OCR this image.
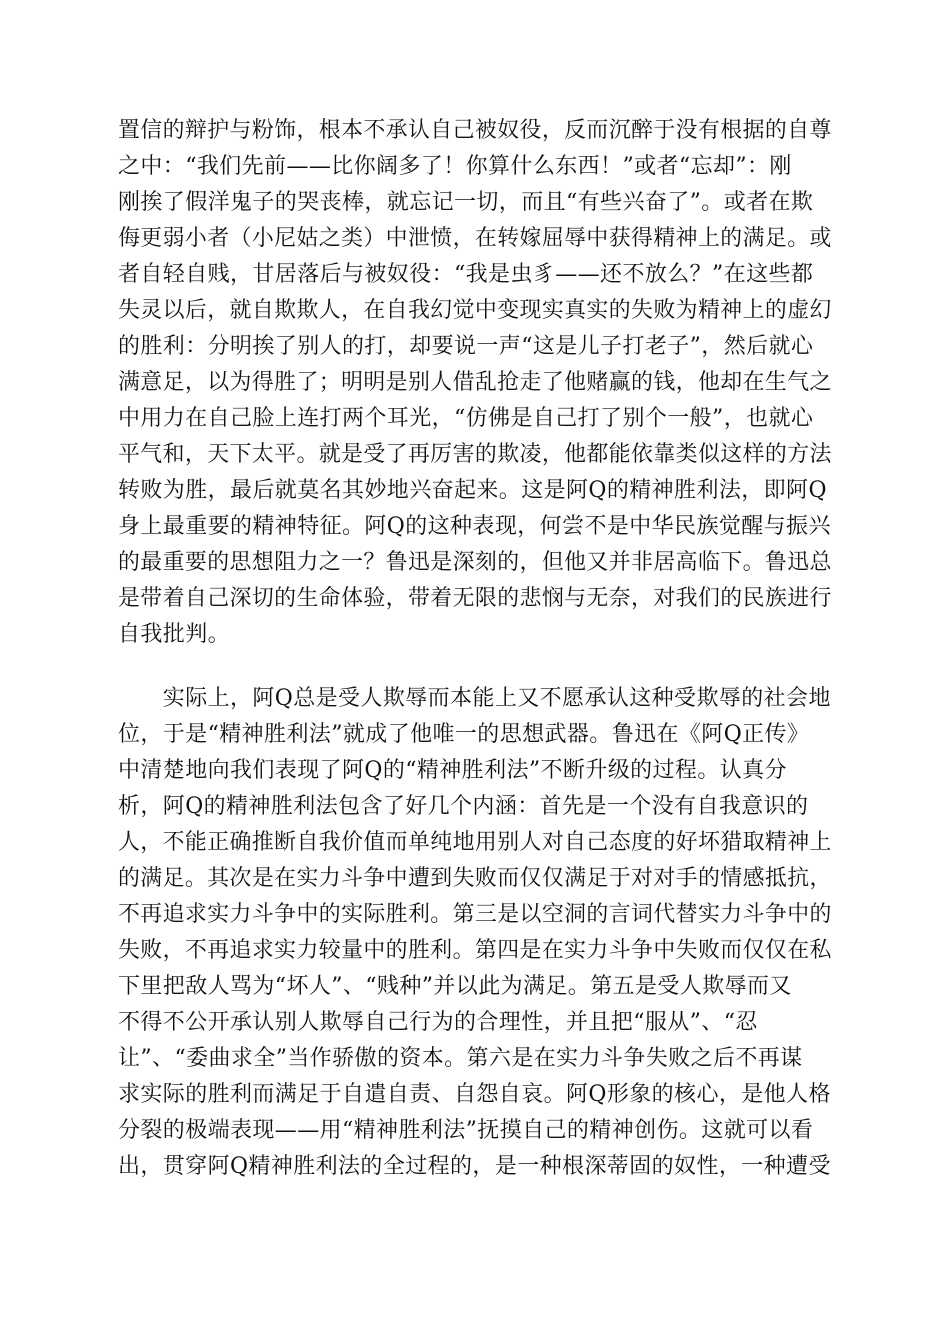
置信的辩护与粉饰，根本不承认自己被奴役，反而沉醉于没有根据的自尊
之中：“我们先前——比你阔多了！你算什么东西！”或者“忘却”：刚
刚挨了假洋鬼子的哭丧棒，就忘记一切，而且“有些兴奋了”。或者在欺
侮更弱小者（小尼姑之类）中泄愤，在转嫁屈辱中获得精神上的满足。或
者自轻自贱，甘居落后与被奴役：“我是虫豸——还不放么？”在这些都
失灵以后，就自欺欺人，在自我幻觉中变现实真实的失败为精神上的虚幻
的胜利：分明挨了别人的打，却要说一声“这是儿子打老子”，然后就心
满意足，以为得胜了；明明是别人借乱抢走了他赌赢的钱，他却在生气之
中用力在自己脸上连打两个耳光，“仿佛是自己打了别个一般”，也就心
平气和，天下太平。就是受了再厉害的欺凌，他都能依靠类似这样的方法
转败为胜，最后就莫名其妙地兴奋起来。这是阿Q的精神胜利法，即阿Q
身上最重要的精神特征。阿Q的这种表现，何尝不是中华民族觉醒与振兴
的最重要的思想阻力之一？鲁迅是深刻的，但他又并非居高临下。鲁迅总
是带着自己深切的生命体验，带着无限的悲悯与无奈，对我们的民族进行
自我批判。
　　实际上，阿Q总是受人欺辱而本能上又不愿承认这种受欺辱的社会地
位，于是“精神胜利法”就成了他唯一的思想武器。鲁迅在《阿Q正传》
中清楚地向我们表现了阿Q的“精神胜利法”不断升级的过程。认真分
析，阿Q的精神胜利法包含了好几个内涵：首先是一个没有自我意识的
人，不能正确推断自我价值而单纯地用别人对自己态度的好坏猎取精神上
的满足。其次是在实力斗争中遭到失败而仅仅满足于对对手的情感抵抗，
不再追求实力斗争中的实际胜利。第三是以空洞的言词代替实力斗争中的
失败，不再追求实力较量中的胜利。第四是在实力斗争中失败而仅仅在私
下里把敌人骂为“坏人”、“贱种”并以此为满足。第五是受人欺辱而又
不得不公开承认别人欺辱自己行为的合理性，并且把“服从”、“忍
让”、“委曲求全”当作骄傲的资本。第六是在实力斗争失败之后不再谋
求实际的胜利而满足于自遣自责、自怨自哀。阿Q形象的核心，是他人格
分裂的极端表现——用“精神胜利法”抚摸自己的精神创伤。这就可以看
出，贯穿阿Q精神胜利法的全过程的，是一种根深蒂固的奴性，一种遭受
